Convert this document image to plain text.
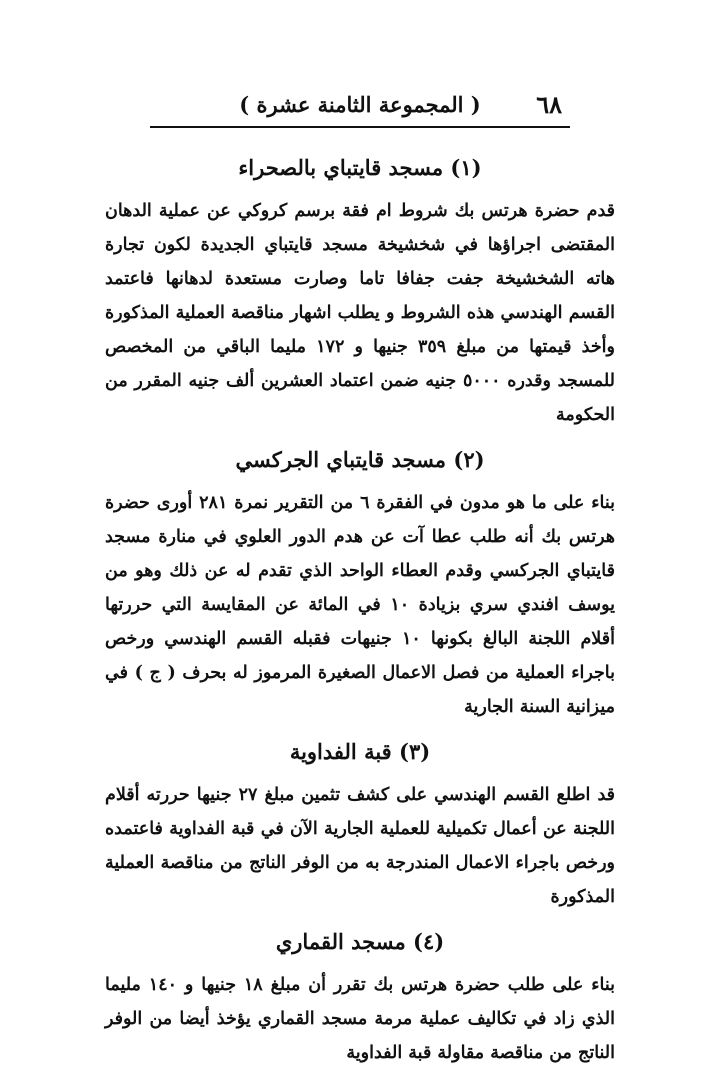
٦٨
( المجموعة الثامنة عشرة )
(١) مسجد قايتباي بالصحراء

قدم حضرة هرتس بك شروط ام فقة برسم كروكي عن عملية الدهان المقتضى اجراؤها في شخشيخة مسجد قايتباي الجديدة لكون تجارة هاته الشخشيخة جفت جفافا تاما وصارت مستعدة لدهانها فاعتمد القسم الهندسي هذه الشروط و يطلب اشهار مناقصة العملية المذكورة وأخذ قيمتها من مبلغ ٣٥٩ جنيها و ١٧٢ مليما الباقي من المخصص للمسجد وقدره ٥٠٠٠ جنيه ضمن اعتماد العشرين ألف جنيه المقرر من الحكومة

(٢) مسجد قايتباي الجركسي

بناء على ما هو مدون في الفقرة ٦ من التقرير نمرة ٢٨١ أورى حضرة هرتس بك أنه طلب عطا آت عن هدم الدور العلوي في منارة مسجد قايتباي الجركسي وقدم العطاء الواحد الذي تقدم له عن ذلك وهو من يوسف افندي سري بزيادة ١٠ في المائة عن المقايسة التي حررتها أقلام اللجنة البالغ بكونها ١٠ جنيهات فقبله القسم الهندسي ورخص باجراء العملية من فصل الاعمال الصغيرة المرموز له بحرف ( ج ) في ميزانية السنة الجارية

(٣) قبة الفداوية

قد اطلع القسم الهندسي على كشف تثمين مبلغ ٢٧ جنيها حررته أقلام اللجنة عن أعمال تكميلية للعملية الجارية الآن في قبة الفداوية فاعتمده ورخص باجراء الاعمال المندرجة به من الوفر الناتج من مناقصة العملية المذكورة

(٤) مسجد القماري

بناء على طلب حضرة هرتس بك تقرر أن مبلغ ١٨ جنيها و ١٤٠ مليما الذي زاد في تكاليف عملية مرمة مسجد القماري يؤخذ أيضا من الوفر الناتج من مناقصة مقاولة قبة الفداوية
